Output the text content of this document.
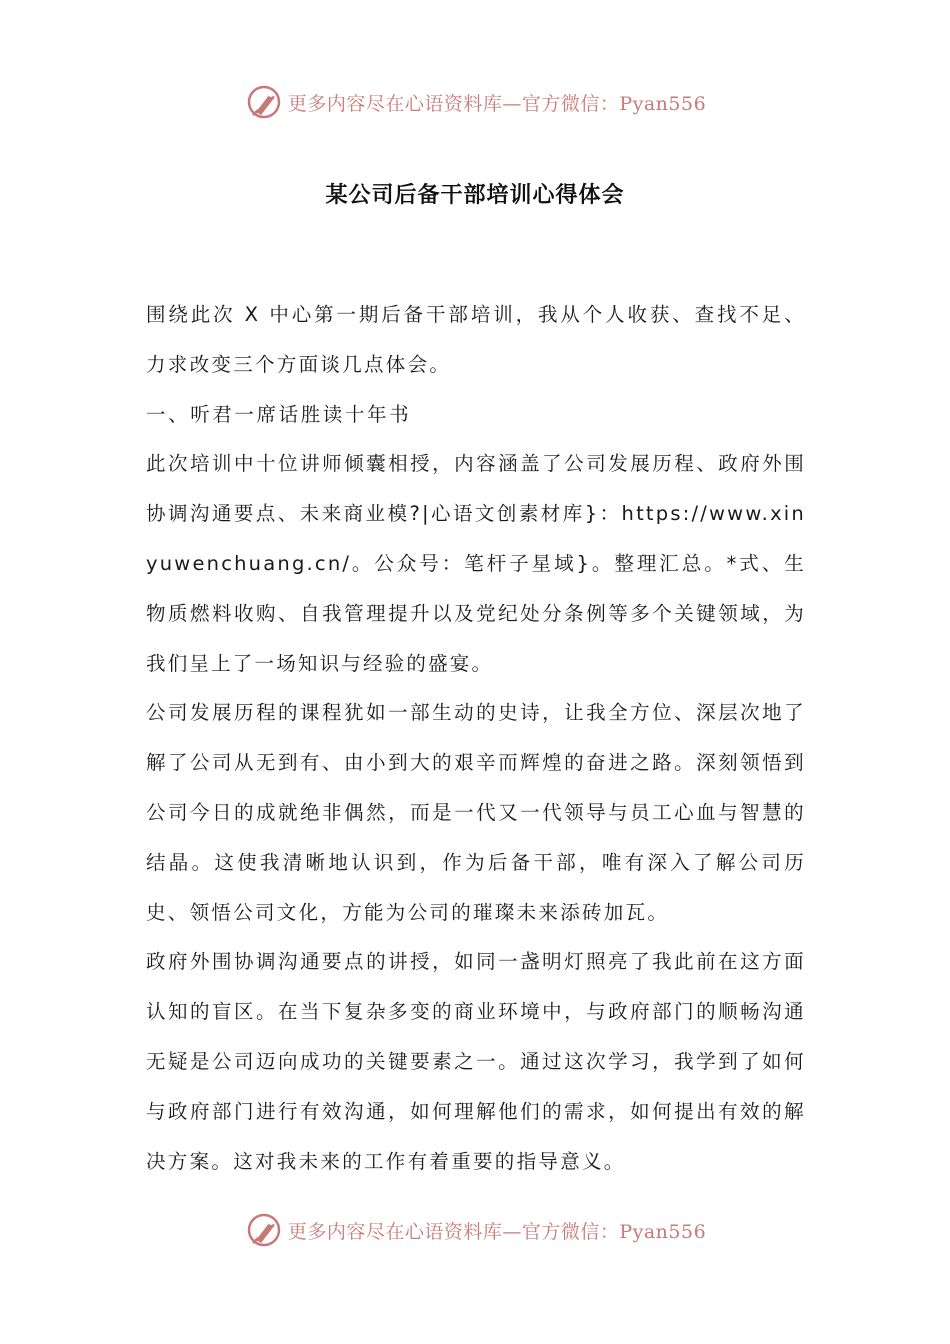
更多内容尽在心语资料库—官方微信：Pyan556
某公司后备干部培训心得体会

围绕此次 X 中心第一期后备干部培训，我从个人收获、查找不足、力求改变三个方面谈几点体会。

一、听君一席话胜读十年书

此次培训中十位讲师倾囊相授，内容涵盖了公司发展历程、政府外围协调沟通要点、未来商业模?|心语文创素材库}：https://www.xinyuwenchuang.cn/。公众号：笔杆子星域}。整理汇总。*式、生物质燃料收购、自我管理提升以及党纪处分条例等多个关键领域，为我们呈上了一场知识与经验的盛宴。

公司发展历程的课程犹如一部生动的史诗，让我全方位、深层次地了解了公司从无到有、由小到大的艰辛而辉煌的奋进之路。深刻领悟到公司今日的成就绝非偶然，而是一代又一代领导与员工心血与智慧的结晶。这使我清晰地认识到，作为后备干部，唯有深入了解公司历史、领悟公司文化，方能为公司的璀璨未来添砖加瓦。

政府外围协调沟通要点的讲授，如同一盏明灯照亮了我此前在这方面认知的盲区。在当下复杂多变的商业环境中，与政府部门的顺畅沟通无疑是公司迈向成功的关键要素之一。通过这次学习，我学到了如何与政府部门进行有效沟通，如何理解他们的需求，如何提出有效的解决方案。这对我未来的工作有着重要的指导意义。

更多内容尽在心语资料库—官方微信：Pyan556
